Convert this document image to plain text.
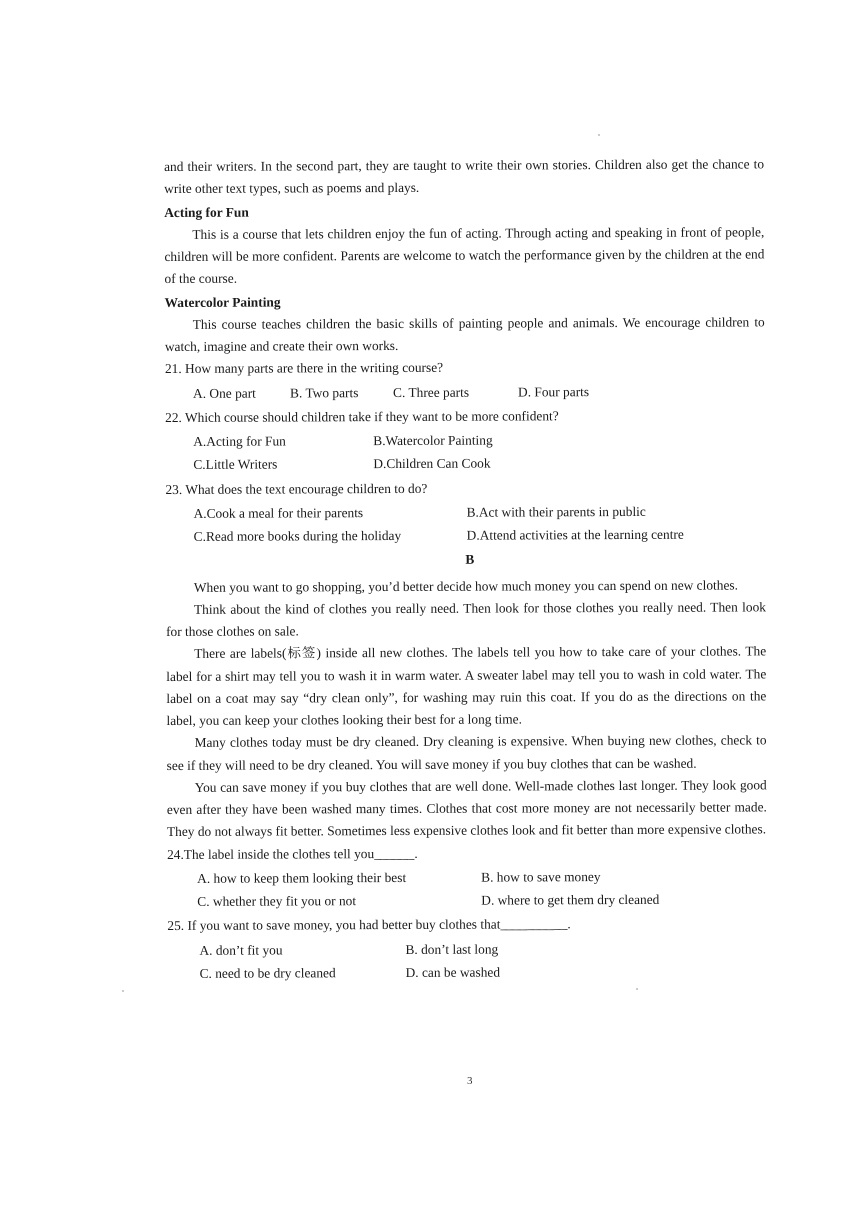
and their writers. In the second part, they are taught to write their own stories. Children also get the chance to write other text types, such as poems and plays.

Acting for Fun

This is a course that lets children enjoy the fun of acting. Through acting and speaking in front of people, children will be more confident. Parents are welcome to watch the performance given by the children at the end of the course.

Watercolor Painting

This course teaches children the basic skills of painting people and animals. We encourage children to watch, imagine and create their own works.

21. How many parts are there in the writing course?

A. One part	B. Two parts	C. Three parts	D. Four parts

22. Which course should children take if they want to be more confident?

A.Acting for Fun	B.Watercolor Painting
C.Little Writers	D.Children Can Cook

23. What does the text encourage children to do?

A.Cook a meal for their parents	B.Act with their parents in public
C.Read more books during the holiday	D.Attend activities at the learning centre

B

When you want to go shopping, you’d better decide how much money you can spend on new clothes.

Think about the kind of clothes you really need. Then look for those clothes you really need. Then look for those clothes on sale.

There are labels(标签) inside all new clothes. The labels tell you how to take care of your clothes. The label for a shirt may tell you to wash it in warm water. A sweater label may tell you to wash in cold water. The label on a coat may say “dry clean only”, for washing may ruin this coat. If you do as the directions on the label, you can keep your clothes looking their best for a long time.

Many clothes today must be dry cleaned. Dry cleaning is expensive. When buying new clothes, check to see if they will need to be dry cleaned. You will save money if you buy clothes that can be washed.

You can save money if you buy clothes that are well done. Well-made clothes last longer. They look good even after they have been washed many times. Clothes that cost more money are not necessarily better made. They do not always fit better. Sometimes less expensive clothes look and fit better than more expensive clothes.

24.The label inside the clothes tell you______.

A. how to keep them looking their best	B. how to save money
C. whether they fit you or not	D. where to get them dry cleaned

25. If you want to save money, you had better buy clothes that__________.

A. don’t fit you	B. don’t last long
C. need to be dry cleaned	D. can be washed
3
